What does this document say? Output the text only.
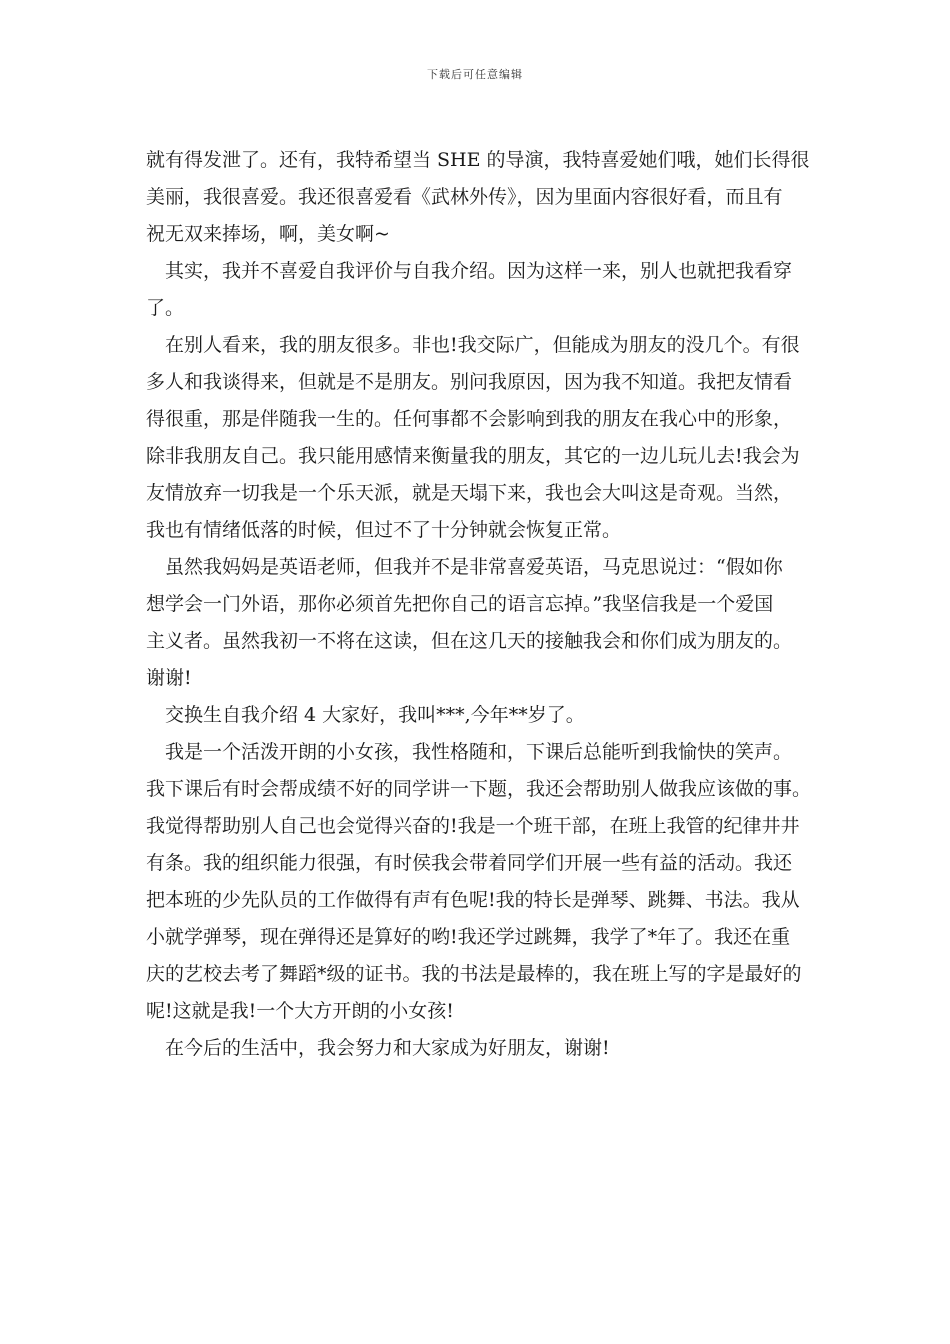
下载后可任意编辑
就有得发泄了。还有，我特希望当 SHE 的导演，我特喜爱她们哦，她们长得很
美丽，我很喜爱。我还很喜爱看《武林外传》，因为里面内容很好看，而且有
祝无双来捧场，啊，美女啊~
其实，我并不喜爱自我评价与自我介绍。因为这样一来，别人也就把我看穿
了。
在别人看来，我的朋友很多。非也!我交际广，但能成为朋友的没几个。有很
多人和我谈得来，但就是不是朋友。别问我原因，因为我不知道。我把友情看
得很重，那是伴随我一生的。任何事都不会影响到我的朋友在我心中的形象，
除非我朋友自己。我只能用感情来衡量我的朋友，其它的一边儿玩儿去!我会为
友情放弃一切我是一个乐天派，就是天塌下来，我也会大叫这是奇观。当然，
我也有情绪低落的时候，但过不了十分钟就会恢复正常。
虽然我妈妈是英语老师，但我并不是非常喜爱英语，马克思说过：“假如你
想学会一门外语，那你必须首先把你自己的语言忘掉。”我坚信我是一个爱国
主义者。虽然我初一不将在这读，但在这几天的接触我会和你们成为朋友的。
谢谢!
交换生自我介绍 4 大家好，我叫***,今年**岁了。
我是一个活泼开朗的小女孩，我性格随和，下课后总能听到我愉快的笑声。
我下课后有时会帮成绩不好的同学讲一下题，我还会帮助别人做我应该做的事。
我觉得帮助别人自己也会觉得兴奋的!我是一个班干部，在班上我管的纪律井井
有条。我的组织能力很强，有时侯我会带着同学们开展一些有益的活动。我还
把本班的少先队员的工作做得有声有色呢!我的特长是弹琴、跳舞、书法。我从
小就学弹琴，现在弹得还是算好的哟!我还学过跳舞，我学了*年了。我还在重
庆的艺校去考了舞蹈*级的证书。我的书法是最棒的，我在班上写的字是最好的
呢!这就是我!一个大方开朗的小女孩!
在今后的生活中，我会努力和大家成为好朋友，谢谢!
